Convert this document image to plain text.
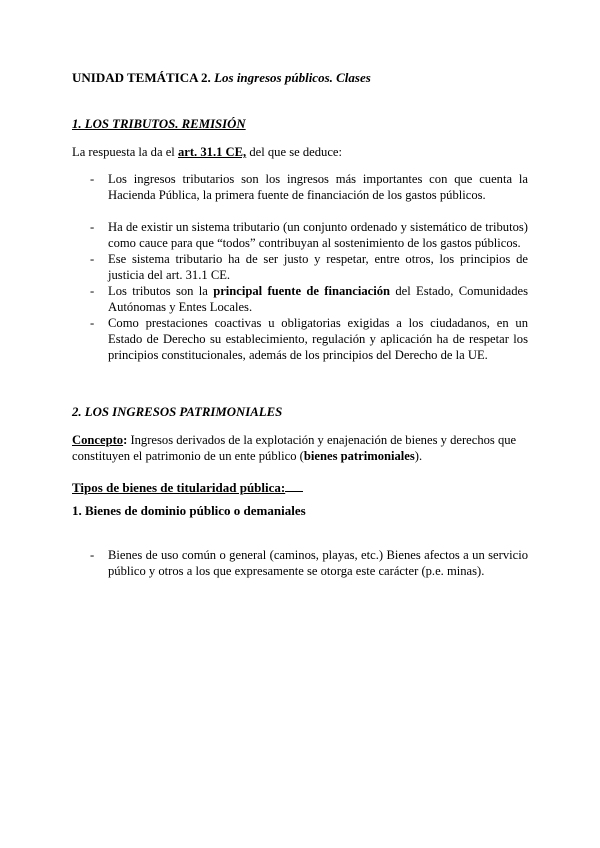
UNIDAD TEMÁTICA 2. Los ingresos públicos. Clases

1. LOS TRIBUTOS. REMISIÓN

La respuesta la da el art. 31.1 CE, del que se deduce:

- Los ingresos tributarios son los ingresos más importantes con que cuenta la Hacienda Pública, la primera fuente de financiación de los gastos públicos.
- Ha de existir un sistema tributario (un conjunto ordenado y sistemático de tributos) como cauce para que “todos” contribuyan al sostenimiento de los gastos públicos.
- Ese sistema tributario ha de ser justo y respetar, entre otros, los principios de justicia del art. 31.1 CE.
- Los tributos son la principal fuente de financiación del Estado, Comunidades Autónomas y Entes Locales.
- Como prestaciones coactivas u obligatorias exigidas a los ciudadanos, en un Estado de Derecho su establecimiento, regulación y aplicación ha de respetar los principios constitucionales, además de los principios del Derecho de la UE.

2. LOS INGRESOS PATRIMONIALES

Concepto: Ingresos derivados de la explotación y enajenación de bienes y derechos que constituyen el patrimonio de un ente público (bienes patrimoniales).

Tipos de bienes de titularidad pública:

1. Bienes de dominio público o demaniales

- Bienes de uso común o general (caminos, playas, etc.) Bienes afectos a un servicio público y otros a los que expresamente se otorga este carácter (p.e. minas).
